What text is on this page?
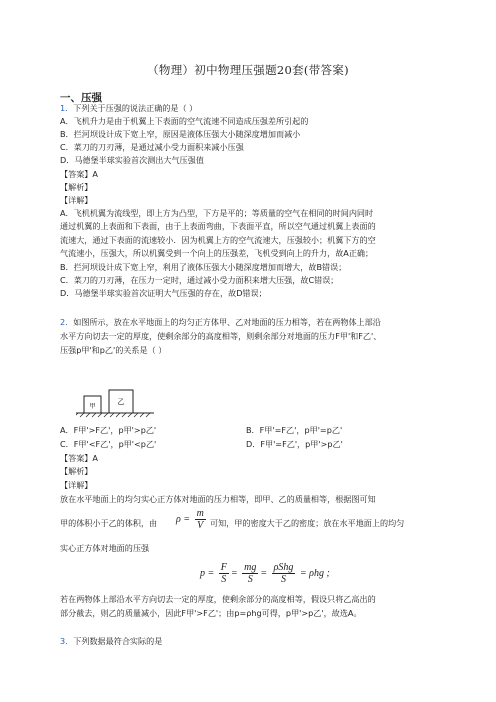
（物理）初中物理压强题20套(带答案)
一、压强
1．下列关于压强的说法正确的是（ ）
A．飞机升力是由于机翼上下表面的空气流速不同造成压强差所引起的
B．拦河坝设计成下宽上窄，原因是液体压强大小随深度增加而减小
C．菜刀的刀刃薄，是通过减小受力面积来减小压强
D．马德堡半球实验首次测出大气压强值
【答案】A
【解析】
【详解】
A．飞机机翼为流线型，即上方为凸型，下方是平的；等质量的空气在相同的时间内同时
通过机翼的上表面和下表面，由于上表面弯曲，下表面平直，所以空气通过机翼上表面的
流速大，通过下表面的流速较小．因为机翼上方的空气流速大，压强较小；机翼下方的空
气流速小，压强大，所以机翼受到一个向上的压强差，飞机受到向上的升力，故A正确；
B．拦河坝设计成下宽上窄，利用了液体压强大小随深度增加而增大，故B错误；
C．菜刀的刀刃薄，在压力一定时，通过减小受力面积来增大压强，故C错误；
D．马德堡半球实验首次证明大气压强的存在，故D错误；
2．如图所示，放在水平地面上的均匀正方体甲、乙对地面的压力相等，若在两物体上部沿
水平方向切去一定的厚度，使剩余部分的高度相等，则剩余部分对地面的压力F甲'和F乙'、
压强p甲'和p乙'的关系是（ ）
甲
乙
A．F甲'>F乙'，p甲'>p乙'	B．F甲'=F乙'，p甲'=p乙'
C．F甲'<F乙'，p甲'<p乙'	D．F甲'=F乙'，p甲'>p乙'
【答案】A
【解析】
【详解】
放在水平地面上的均匀实心正方体对地面的压力相等，即甲、乙的质量相等，根据图可知
甲的体积小于乙的体积，由 $\rho = \frac{m}{V}$ 可知，甲的密度大于乙的密度；放在水平地面上的均匀
实心正方体对地面的压强
$p = \frac{F}{S} = \frac{mg}{S} = \frac{\text{ρShg}}{S} = \rho hg$ ;
若在两物体上部沿水平方向切去一定的厚度，使剩余部分的高度相等，假设只将乙高出的
部分截去，则乙的质量减小，因此F甲'>F乙'；由p=ρhg可得，p甲'>p乙'，故选A。
3．下列数据最符合实际的是
